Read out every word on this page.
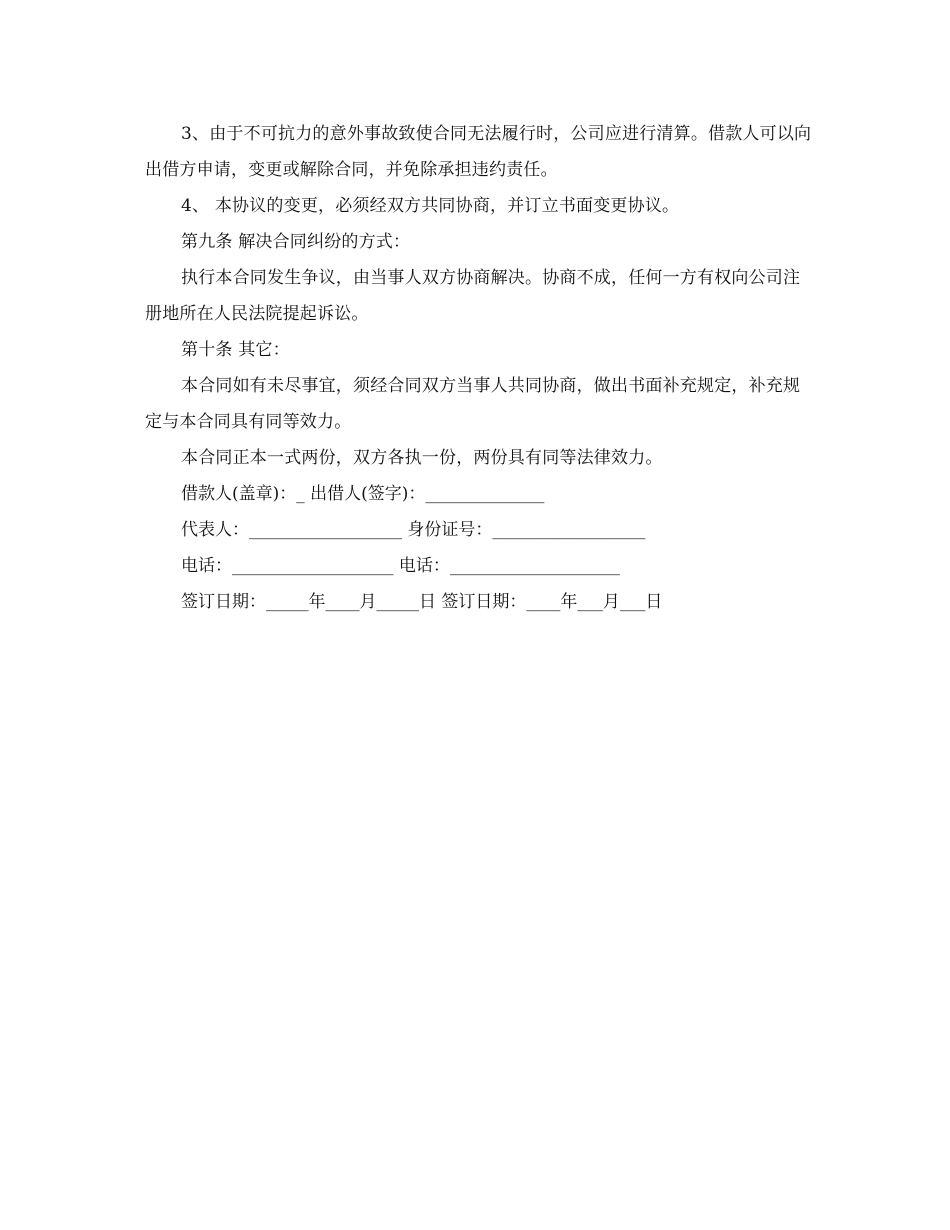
3、由于不可抗力的意外事故致使合同无法履行时，公司应进行清算。借款人可以向出借方申请，变更或解除合同，并免除承担违约责任。

4、 本协议的变更，必须经双方共同协商，并订立书面变更协议。

第九条 解决合同纠纷的方式：

执行本合同发生争议，由当事人双方协商解决。协商不成，任何一方有权向公司注册地所在人民法院提起诉讼。

第十条 其它：

本合同如有未尽事宜，须经合同双方当事人共同协商，做出书面补充规定，补充规定与本合同具有同等效力。

本合同正本一式两份，双方各执一份，两份具有同等法律效力。

借款人(盖章)：_ 出借人(签字)：______________

代表人：__________________ 身份证号：__________________

电话：___________________ 电话：____________________

签订日期：_____年____月_____日 签订日期：____年___月___日
